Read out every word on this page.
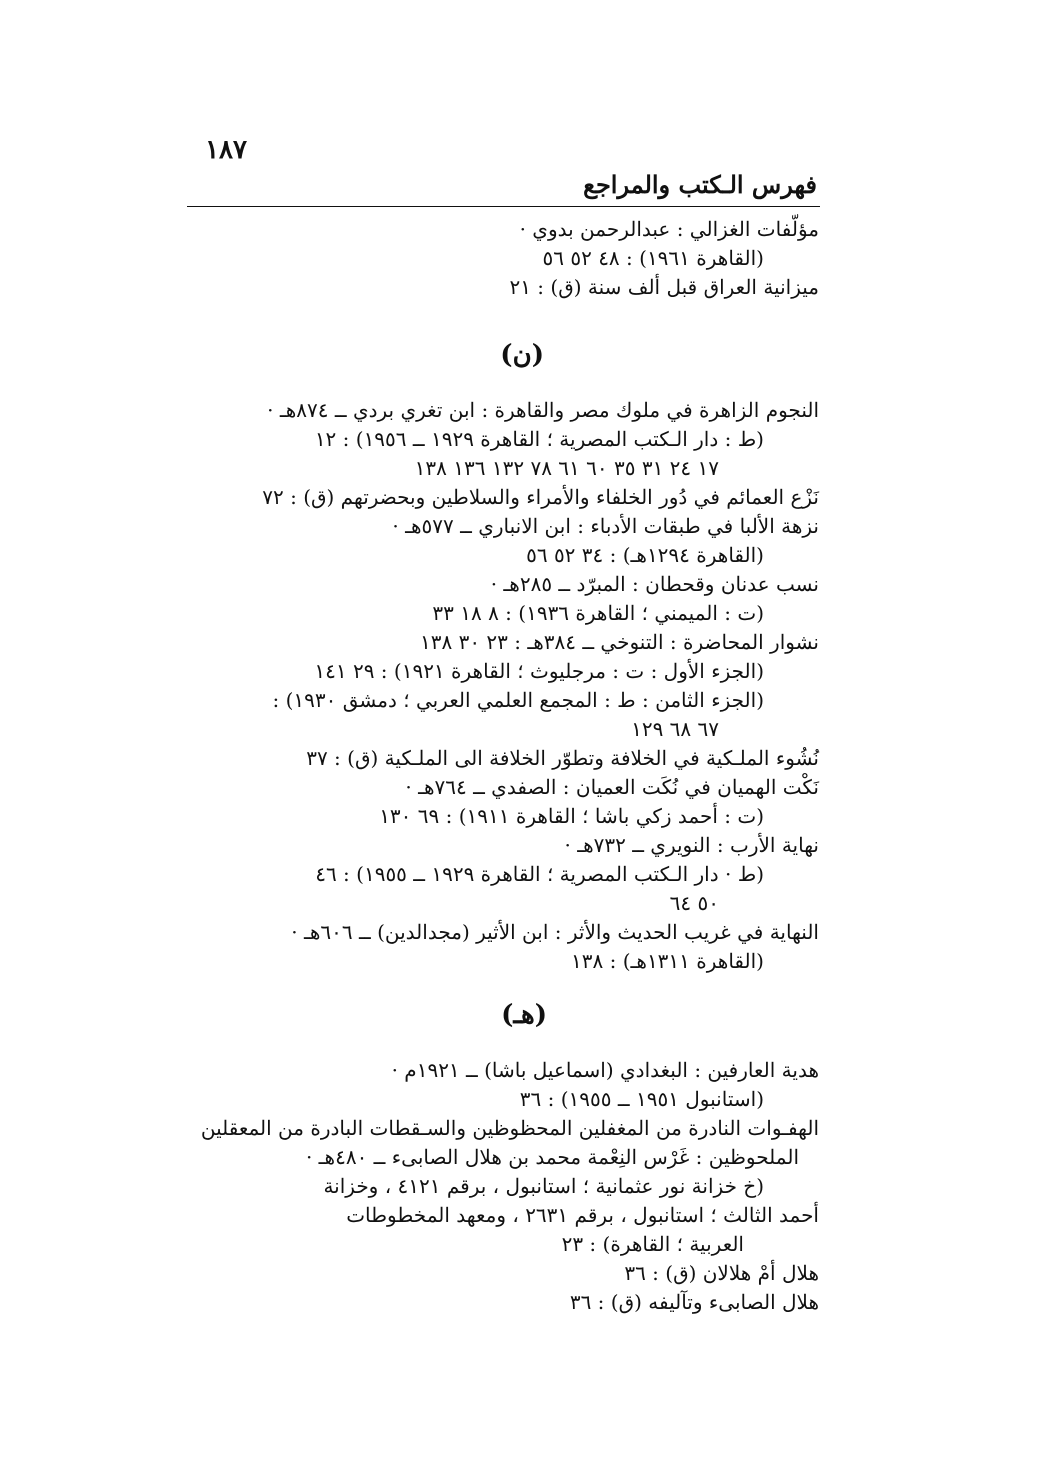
١٨٧
فهرس الـكتب والمراجع
مؤلّفات الغزالي : عبدالرحمن بدوي ·
(القاهرة ١٩٦١) : ٤٨ ٥٢ ٥٦
ميزانية العراق قبل ألف سنة (ق) : ٢١
(ن)
النجوم الزاهرة في ملوك مصر والقاهرة : ابن تغري بردي ــ ٨٧٤هـ ·
(ط : دار الـكتب المصرية ؛ القاهرة ١٩٢٩ ــ ١٩٥٦) : ١٢
١٧ ٢٤ ٣١ ٣٥ ٦٠ ٦١ ٧٨ ١٣٢ ١٣٦ ١٣٨
نَزْع العمائم في دُور الخلفاء والأمراء والسلاطين وبحضرتهم (ق) : ٧٢
نزهة الألبا في طبقات الأدباء : ابن الانباري ــ ٥٧٧هـ ·
(القاهرة ١٢٩٤هـ) : ٣٤ ٥٢ ٥٦
نسب عدنان وقحطان : المبرّد ــ ٢٨٥هـ ·
(ت : الميمني ؛ القاهرة ١٩٣٦) : ٨ ١٨ ٣٣
نشوار المحاضرة : التنوخي ــ ٣٨٤هـ : ٢٣ ٣٠ ١٣٨
(الجزء الأول : ت : مرجليوث ؛ القاهرة ١٩٢١) : ٢٩ ١٤١
(الجزء الثامن : ط : المجمع العلمي العربي ؛ دمشق ١٩٣٠) :
٦٧ ٦٨ ١٢٩
نُشُوء الملـكية في الخلافة وتطوّر الخلافة الى الملـكية (ق) : ٣٧
نَكْت الهميان في نُكَت العميان : الصفدي ــ ٧٦٤هـ ·
(ت : أحمد زكي باشا ؛ القاهرة ١٩١١) : ٦٩ ١٣٠
نهاية الأرب : النويري ــ ٧٣٢هـ ·
(ط · دار الـكتب المصرية ؛ القاهرة ١٩٢٩ ــ ١٩٥٥) : ٤٦
٥٠ ٦٤
النهاية في غريب الحديث والأثر : ابن الأثير (مجدالدين) ــ ٦٠٦هـ ·
(القاهرة ١٣١١هـ) : ١٣٨
(هـ)
هدية العارفين : البغدادي (اسماعيل باشا) ــ ١٩٢١م ·
(استانبول ١٩٥١ ــ ١٩٥٥) : ٣٦
الهفـوات النادرة من المغفلين المحظوظين والسـقطات البادرة من المعقلين
الملحوظين : غَرْس النِعْمة محمد بن هلال الصابىء ــ ٤٨٠هـ ·
(خ خزانة نور عثمانية ؛ استانبول ، برقم ٤١٢١ ، وخزانة
أحمد الثالث ؛ استانبول ، برقم ٢٦٣١ ، ومعهد المخطوطات
العربية ؛ القاهرة) : ٢٣
هلال أمْ هلالان (ق) : ٣٦
هلال الصابىء وتآليفه (ق) : ٣٦
